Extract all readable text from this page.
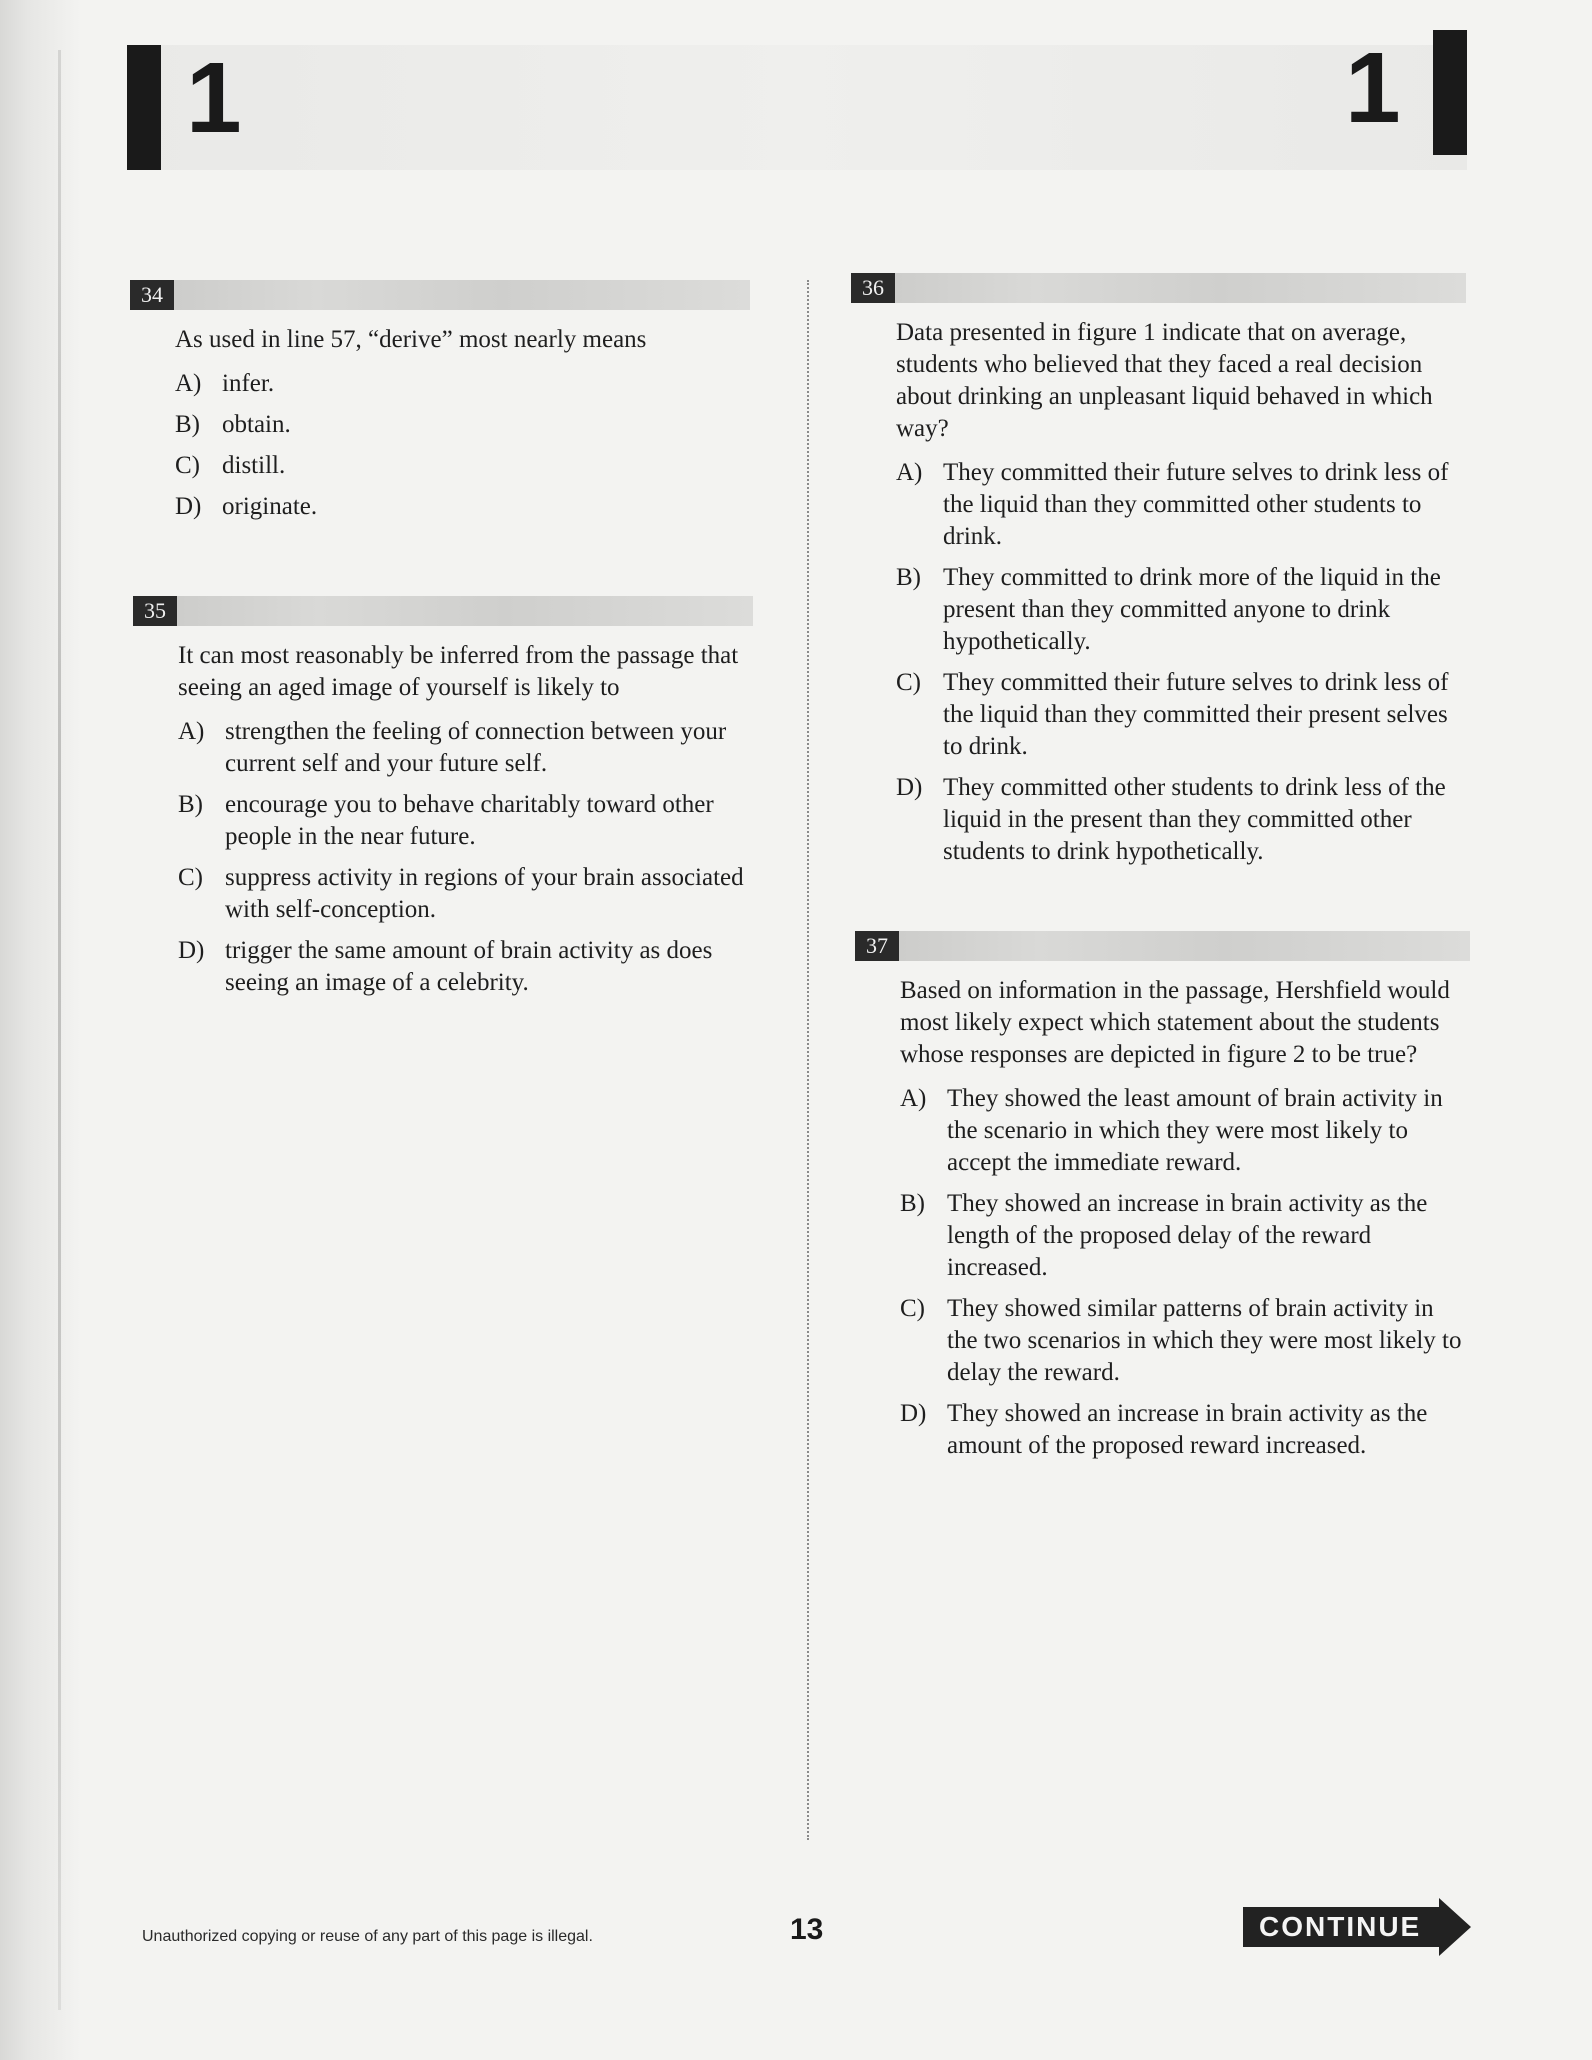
1	1
34
As used in line 57, “derive” most nearly means
A) infer.
B) obtain.
C) distill.
D) originate.
35
It can most reasonably be inferred from the passage that seeing an aged image of yourself is likely to
A) strengthen the feeling of connection between your current self and your future self.
B) encourage you to behave charitably toward other people in the near future.
C) suppress activity in regions of your brain associated with self-conception.
D) trigger the same amount of brain activity as does seeing an image of a celebrity.
36
Data presented in figure 1 indicate that on average, students who believed that they faced a real decision about drinking an unpleasant liquid behaved in which way?
A) They committed their future selves to drink less of the liquid than they committed other students to drink.
B) They committed to drink more of the liquid in the present than they committed anyone to drink hypothetically.
C) They committed their future selves to drink less of the liquid than they committed their present selves to drink.
D) They committed other students to drink less of the liquid in the present than they committed other students to drink hypothetically.
37
Based on information in the passage, Hershfield would most likely expect which statement about the students whose responses are depicted in figure 2 to be true?
A) They showed the least amount of brain activity in the scenario in which they were most likely to accept the immediate reward.
B) They showed an increase in brain activity as the length of the proposed delay of the reward increased.
C) They showed similar patterns of brain activity in the two scenarios in which they were most likely to delay the reward.
D) They showed an increase in brain activity as the amount of the proposed reward increased.
Unauthorized copying or reuse of any part of this page is illegal.	13	CONTINUE
